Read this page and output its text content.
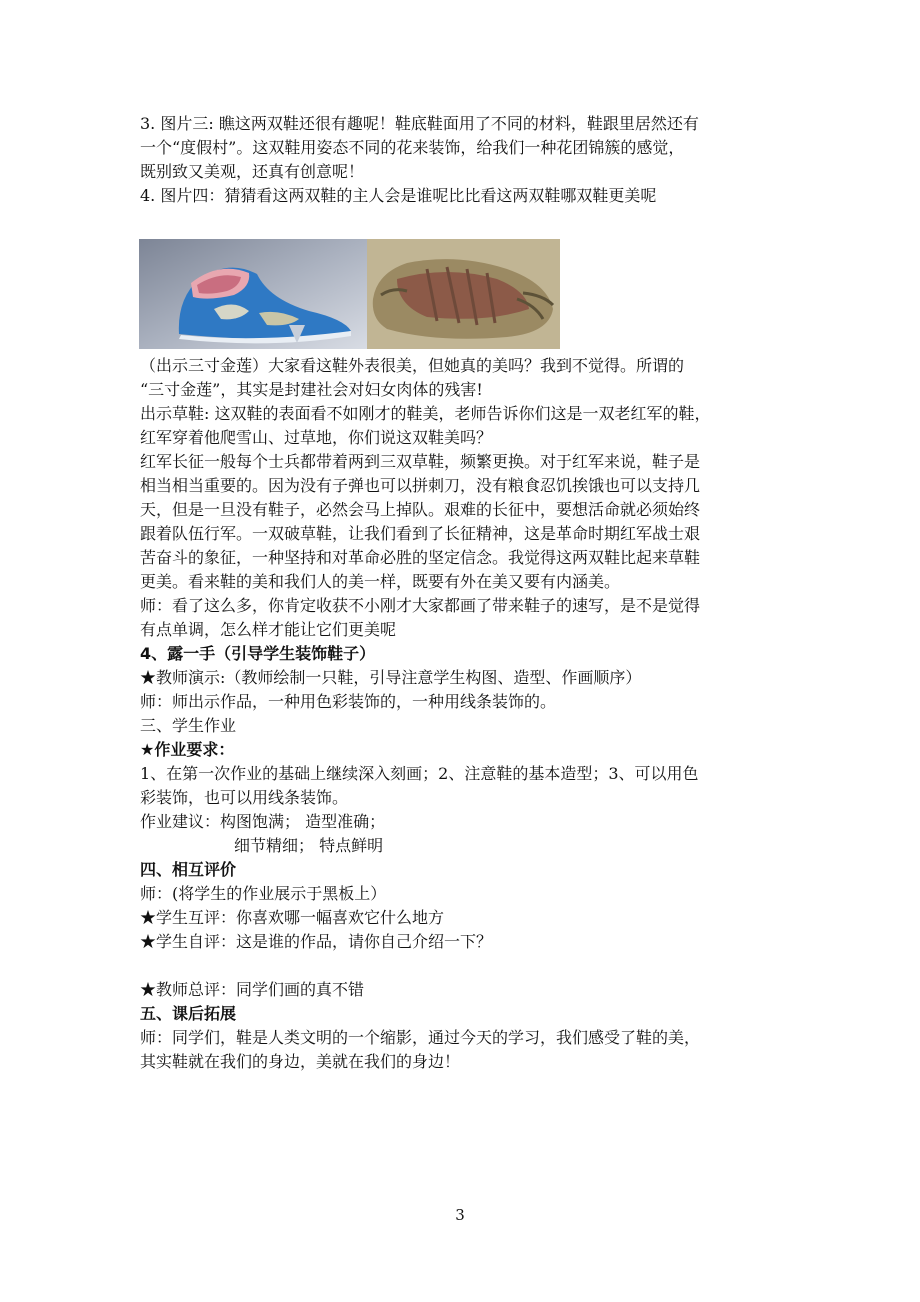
3. 图片三: 瞧这两双鞋还很有趣呢！鞋底鞋面用了不同的材料，鞋跟里居然还有

一个“度假村”。这双鞋用姿态不同的花来装饰，给我们一种花团锦簇的感觉，

既别致又美观，还真有创意呢！

4. 图片四：猜猜看这两双鞋的主人会是谁呢比比看这两双鞋哪双鞋更美呢

（出示三寸金莲）大家看这鞋外表很美，但她真的美吗？我到不觉得。所谓的

“三寸金莲”，其实是封建社会对妇女肉体的残害!

出示草鞋: 这双鞋的表面看不如刚才的鞋美，老师告诉你们这是一双老红军的鞋，

红军穿着他爬雪山、过草地，你们说这双鞋美吗？

红军长征一般每个士兵都带着两到三双草鞋，频繁更换。对于红军来说，鞋子是

相当相当重要的。因为没有子弹也可以拼刺刀，没有粮食忍饥挨饿也可以支持几

天，但是一旦没有鞋子，必然会马上掉队。艰难的长征中，要想活命就必须始终

跟着队伍行军。一双破草鞋，让我们看到了长征精神，这是革命时期红军战士艰

苦奋斗的象征，一种坚持和对革命必胜的坚定信念。我觉得这两双鞋比起来草鞋

更美。看来鞋的美和我们人的美一样，既要有外在美又要有内涵美。

师：看了这么多，你肯定收获不小刚才大家都画了带来鞋子的速写，是不是觉得

有点单调，怎么样才能让它们更美呢

4、露一手（引导学生装饰鞋子）

★教师演示:（教师绘制一只鞋，引导注意学生构图、造型、作画顺序）

师：师出示作品，一种用色彩装饰的，一种用线条装饰的。

三、学生作业

★作业要求：

1、在第一次作业的基础上继续深入刻画；2、注意鞋的基本造型；3、可以用色

彩装饰，也可以用线条装饰。

作业建议：构图饱满； 造型准确；

细节精细； 特点鲜明

四、相互评价

师：(将学生的作业展示于黑板上）

★学生互评：你喜欢哪一幅喜欢它什么地方

★学生自评：这是谁的作品，请你自己介绍一下？

★教师总评：同学们画的真不错

五、课后拓展

师：同学们，鞋是人类文明的一个缩影，通过今天的学习，我们感受了鞋的美，

其实鞋就在我们的身边，美就在我们的身边！

3
